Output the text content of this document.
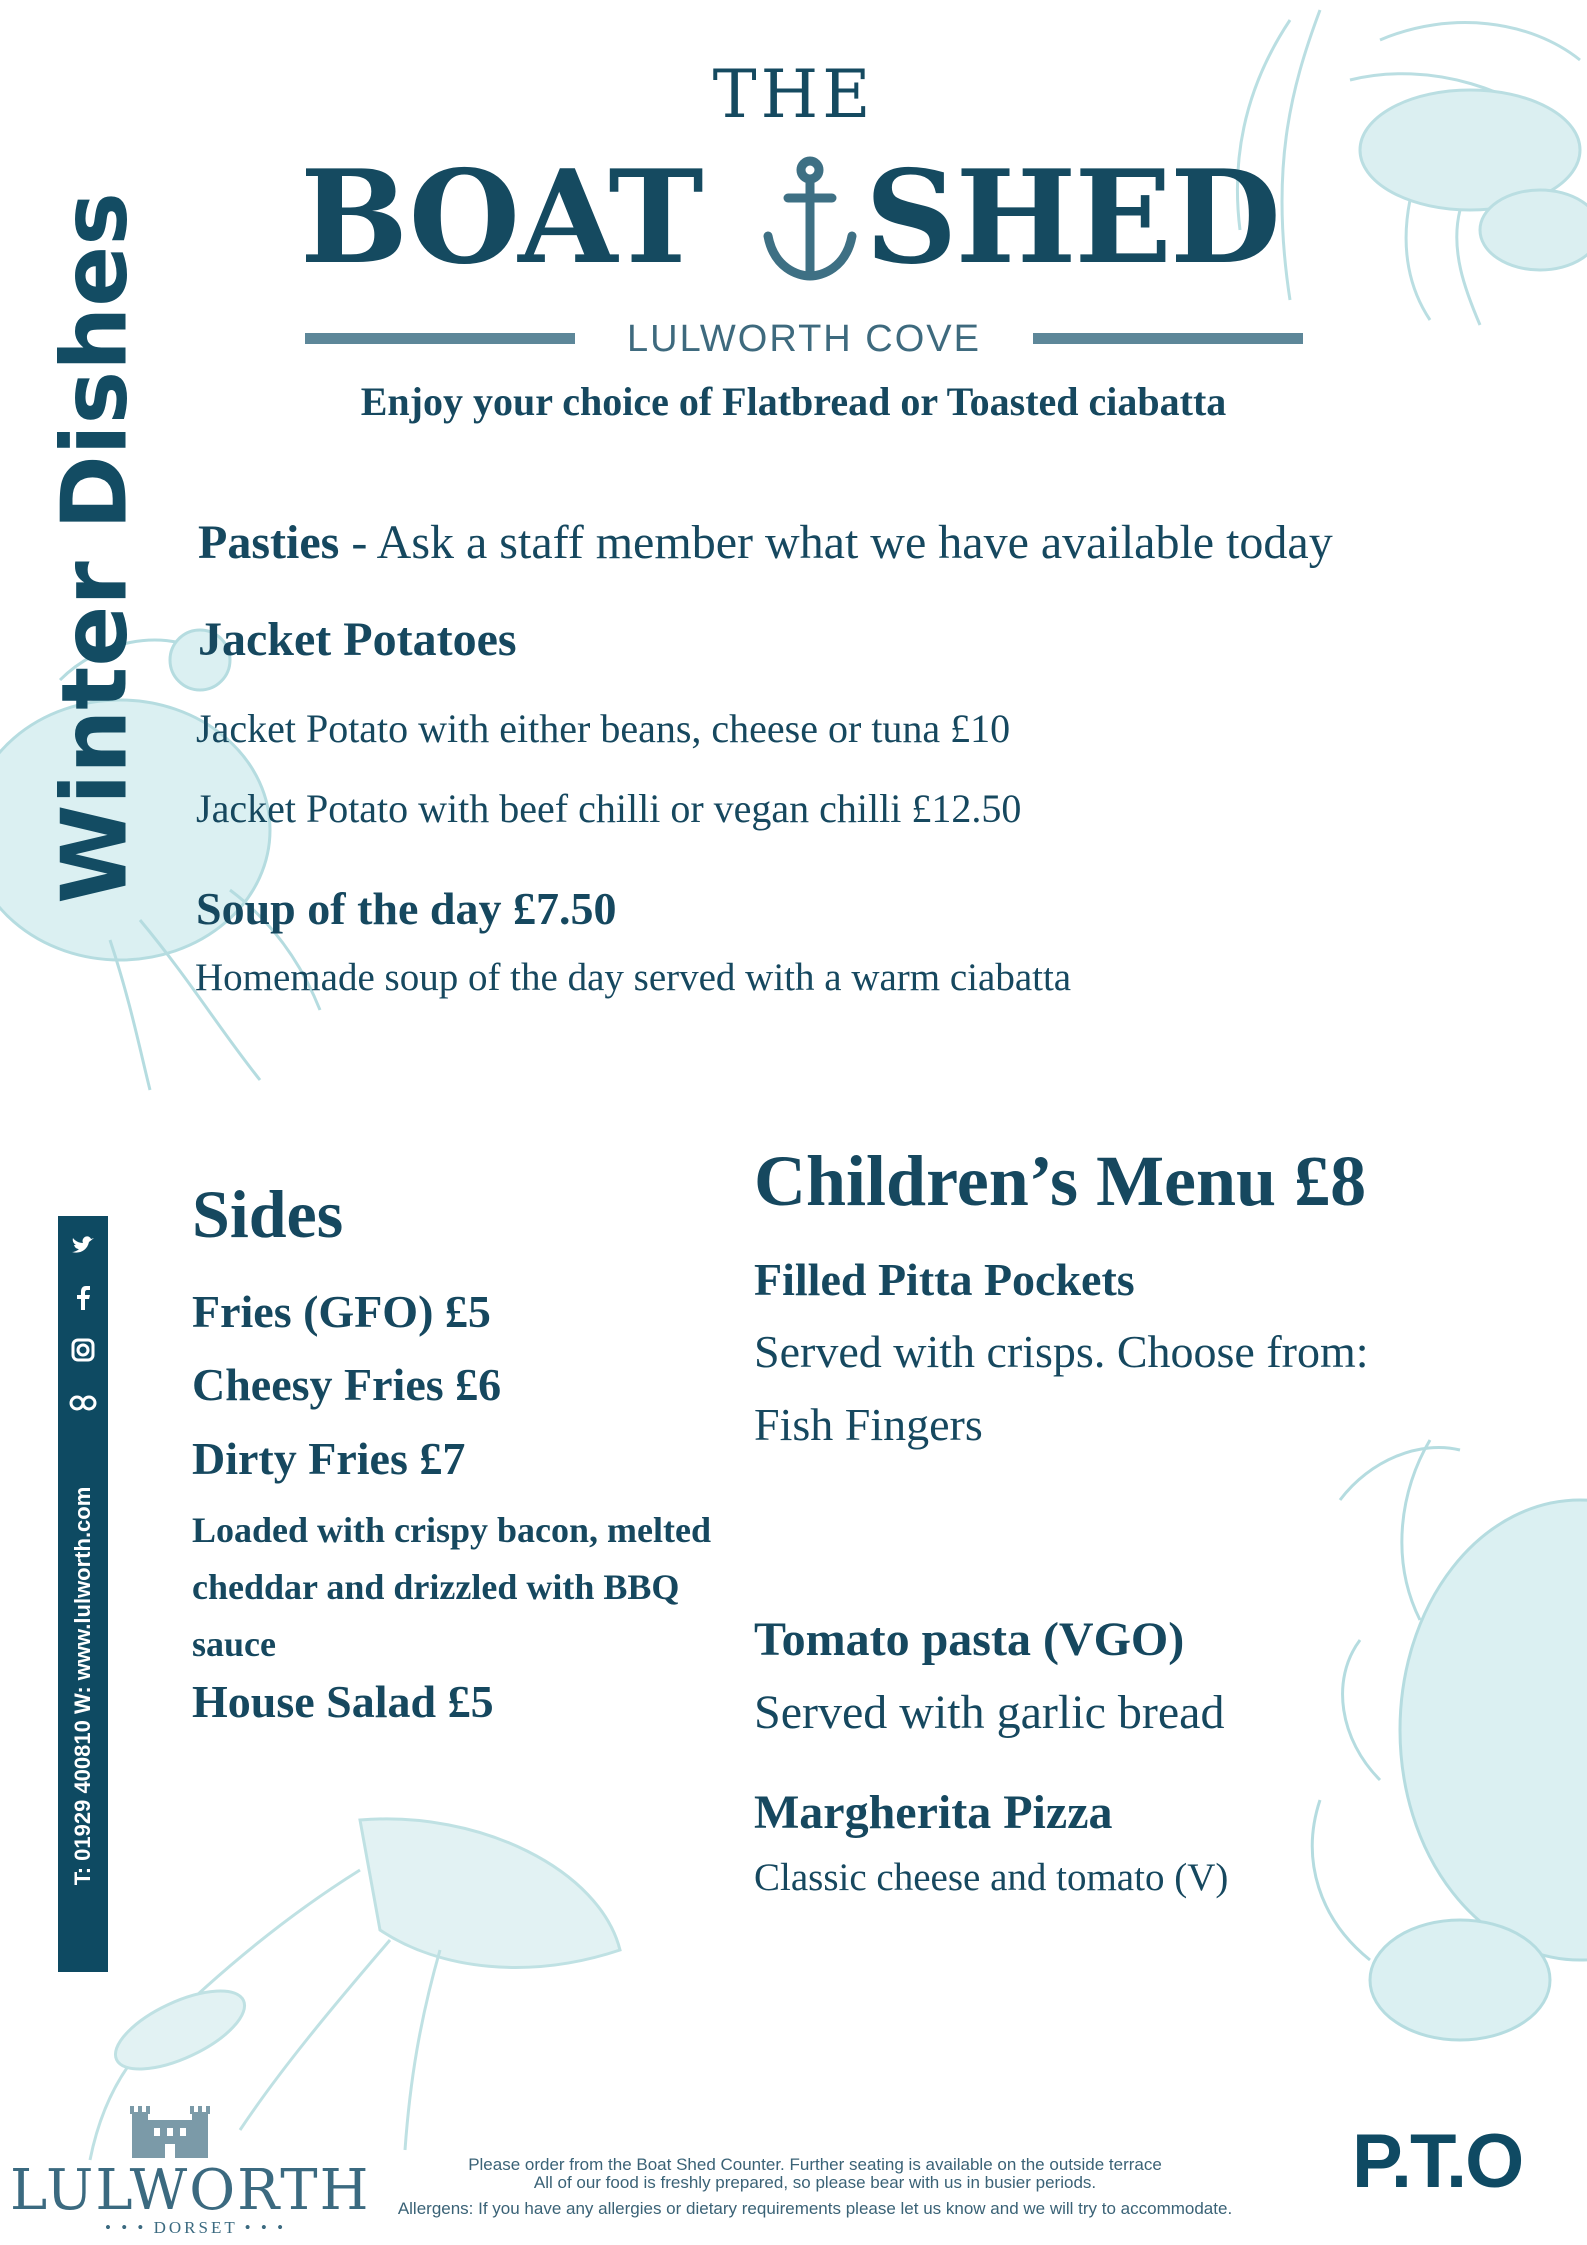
THE
BOAT SHED
LULWORTH COVE
Enjoy your choice of Flatbread or Toasted ciabatta
Winter Dishes
T: 01929 400810 W: www.lulworth.com
Pasties - Ask a staff member what we have available today
Jacket Potatoes
Jacket Potato with either beans, cheese or tuna £10
Jacket Potato with beef chilli or vegan chilli £12.50
Soup of the day £7.50
Homemade soup of the day served with a warm ciabatta
Sides
Fries (GFO) £5
Cheesy Fries £6
Dirty Fries £7
Loaded with crispy bacon, melted cheddar and drizzled with BBQ sauce
House Salad £5
Children’s Menu £8
Filled Pitta Pockets
Served with crisps. Choose from:
Fish Fingers
Tomato pasta (VGO)
Served with garlic bread
Margherita Pizza
Classic cheese and tomato (V)
LULWORTH
• • • DORSET • • •
Please order from the Boat Shed Counter. Further seating is available on the outside terrace
All of our food is freshly prepared, so please bear with us in busier periods.
Allergens: If you have any allergies or dietary requirements please let us know and we will try to accommodate.
P.T.O
